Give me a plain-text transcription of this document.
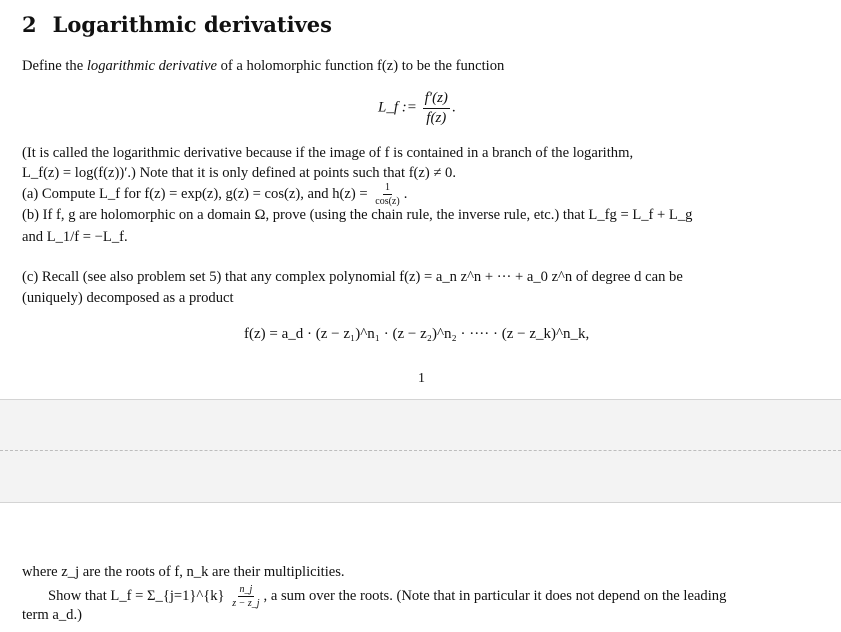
2 Logarithmic derivatives
Define the logarithmic derivative of a holomorphic function f(z) to be the function
L_f := $\frac{f'(z)}{f(z)}$ .
(It is called the logarithmic derivative because if the image of f is contained in a branch of the logarithm,
L_f(z) = log(f(z))′.) Note that it is only defined at points such that f(z) ≠ 0.
(a) Compute L_f for f(z) = exp(z), g(z) = cos(z), and $h(z) = \frac{1}{\cos(z)}$ .
(b) If f, g are holomorphic on a domain Ω, prove (using the chain rule, the inverse rule, etc.) that L_fg = L_f + L_g
and L_1/f = −L_f.
(c) Recall (see also problem set 5) that any complex polynomial f(z) = a_n z^n + ··· + a_0 z^n of degree d can be
(uniquely) decomposed as a product
f(z) = a_d · (z − z₁)^n₁ · (z − z₂)^n₂ · ···· · (z − z_k)^n_k,
1
where z_j are the roots of f, n_k are their multiplicities.
Show that L_f = Σ_{j=1}^{k} $\frac{n\_j}{z - z\_j}$ , a sum over the roots. (Note that in particular it does not depend on the leading
term a_d.)
